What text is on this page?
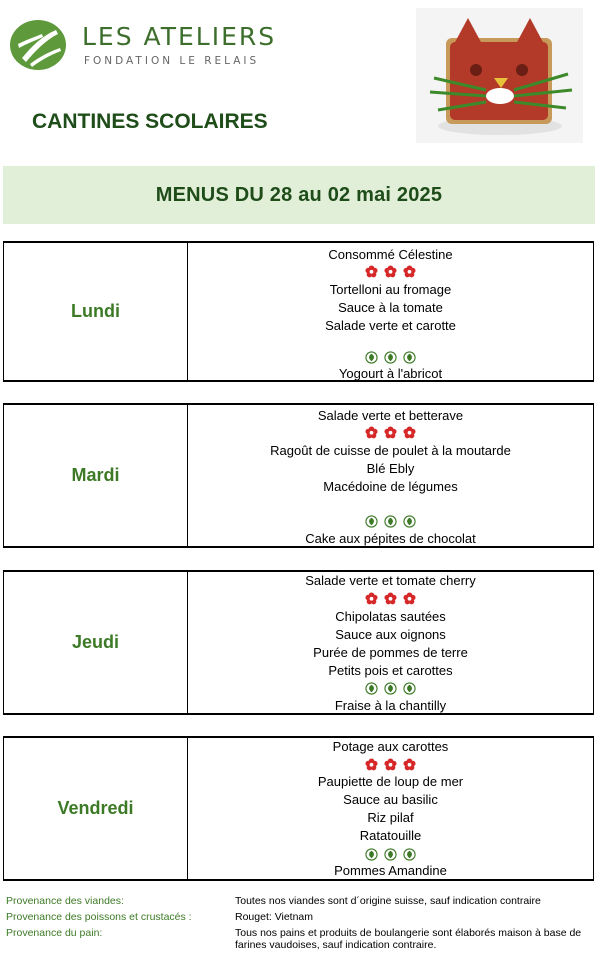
LES ATELIERS
FONDATION LE RELAIS
CANTINES SCOLAIRES
MENUS DU 28 au 02 mai 2025
Lundi
Consommé Célestine
Tortelloni au fromage
Sauce à la tomate
Salade verte et carotte
Yogourt à l'abricot
Mardi
Salade verte et betterave
Ragoût de cuisse de poulet à la moutarde
Blé Ebly
Macédoine de légumes
Cake aux pépites de chocolat
Jeudi
Salade verte et tomate cherry
Chipolatas sautées
Sauce aux oignons
Purée de pommes de terre
Petits pois et carottes
Fraise à la chantilly
Vendredi
Potage aux carottes
Paupiette de loup de mer
Sauce au basilic
Riz pilaf
Ratatouille
Pommes Amandine
Provenance des viandes:	Toutes nos viandes sont d´origine suisse, sauf indication contraire
Provenance des poissons et crustacés :	Rouget: Vietnam
Provenance du pain:	Tous nos pains et produits de boulangerie sont élaborés maison à base de farines vaudoises, sauf indication contraire.
